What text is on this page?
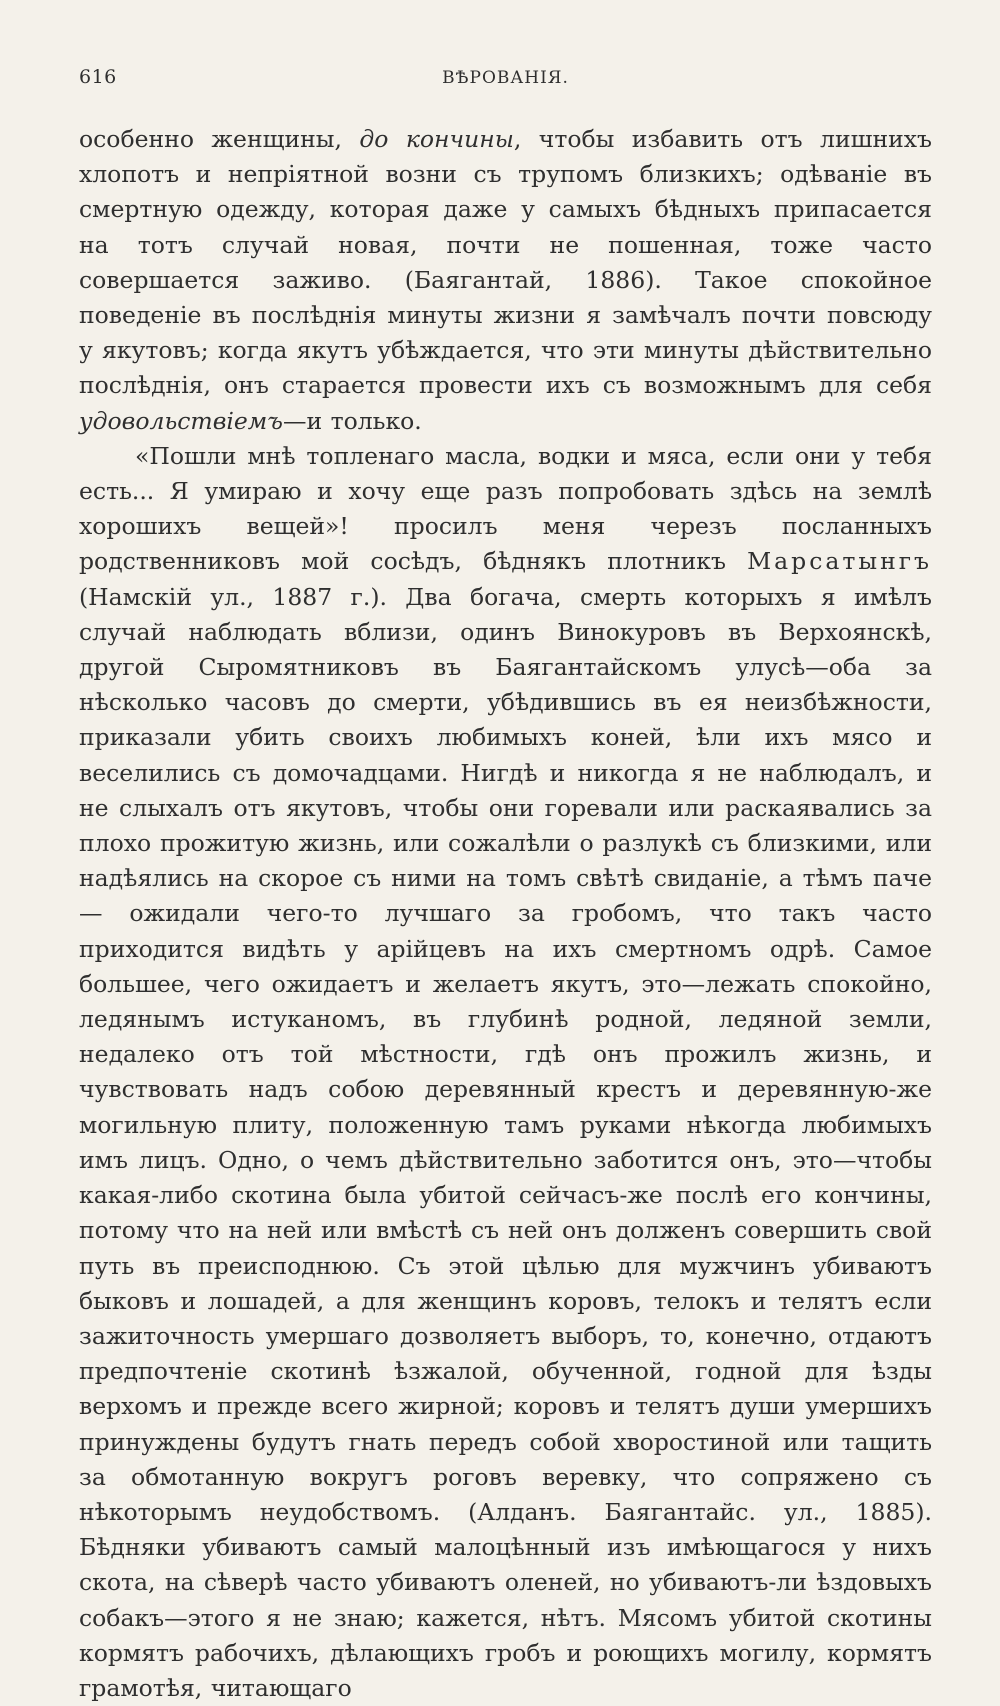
616	ВѢРОВАНІЯ.

особенно женщины, до кончины, чтобы избавить отъ лишнихъ хлопотъ и непріятной возни съ трупомъ близкихъ; одѣваніе въ смертную одежду, которая даже у самыхъ бѣдныхъ припасается на тотъ случай новая, почти не пошенная, тоже часто совершается заживо. (Баягантай, 1886). Такое спокойное поведеніе въ послѣднія минуты жизни я замѣчалъ почти повсюду у якутовъ; когда якутъ убѣждается, что эти минуты дѣйствительно послѣднія, онъ старается провести ихъ съ возможнымъ для себя удовольствіемъ—и только.

«Пошли мнѣ топленаго масла, водки и мяса, если они у тебя есть... Я умираю и хочу еще разъ попробовать здѣсь на землѣ хорошихъ вещей»! просилъ меня черезъ посланныхъ родственниковъ мой сосѣдъ, бѣднякъ плотникъ Марсатынгъ (Намскій ул., 1887 г.). Два богача, смерть которыхъ я имѣлъ случай наблюдать вблизи, одинъ Винокуровъ въ Верхоянскѣ, другой Сыромятниковъ въ Баягантайскомъ улусѣ—оба за нѣсколько часовъ до смерти, убѣдившись въ ея неизбѣжности, приказали убить своихъ любимыхъ коней, ѣли ихъ мясо и веселились съ домочадцами. Нигдѣ и никогда я не наблюдалъ, и не слыхалъ отъ якутовъ, чтобы они горевали или раскаявались за плохо прожитую жизнь, или сожалѣли о разлукѣ съ близкими, или надѣялись на скорое съ ними на томъ свѣтѣ свиданіе, а тѣмъ паче — ожидали чего-то лучшаго за гробомъ, что такъ часто приходится видѣть у арійцевъ на ихъ смертномъ одрѣ. Самое большее, чего ожидаетъ и желаетъ якутъ, это—лежать спокойно, ледянымъ истуканомъ, въ глубинѣ родной, ледяной земли, недалеко отъ той мѣстности, гдѣ онъ прожилъ жизнь, и чувствовать надъ собою деревянный крестъ и деревянную-же могильную плиту, положенную тамъ руками нѣкогда любимыхъ имъ лицъ. Одно, о чемъ дѣйствительно заботится онъ, это—чтобы какая-либо скотина была убитой сейчасъ-же послѣ его кончины, потому что на ней или вмѣстѣ съ ней онъ долженъ совершить свой путь въ преисподнюю. Съ этой цѣлью для мужчинъ убиваютъ быковъ и лошадей, а для женщинъ коровъ, телокъ и телятъ если зажиточность умершаго дозволяетъ выборъ, то, конечно, отдаютъ предпочтеніе скотинѣ ѣзжалой, обученной, годной для ѣзды верхомъ и прежде всего жирной; коровъ и телятъ души умершихъ принуждены будутъ гнать передъ собой хворостиной или тащить за обмотанную вокругъ роговъ веревку, что сопряжено съ нѣкоторымъ неудобствомъ. (Алданъ. Баягантайс. ул., 1885). Бѣдняки убиваютъ самый малоцѣнный изъ имѣющагося у нихъ скота, на сѣверѣ часто убиваютъ оленей, но убиваютъ-ли ѣздовыхъ собакъ—этого я не знаю; кажется, нѣтъ. Мясомъ убитой скотины кормятъ рабочихъ, дѣлающихъ гробъ и роющихъ могилу, кормятъ грамотѣя, читающаго
